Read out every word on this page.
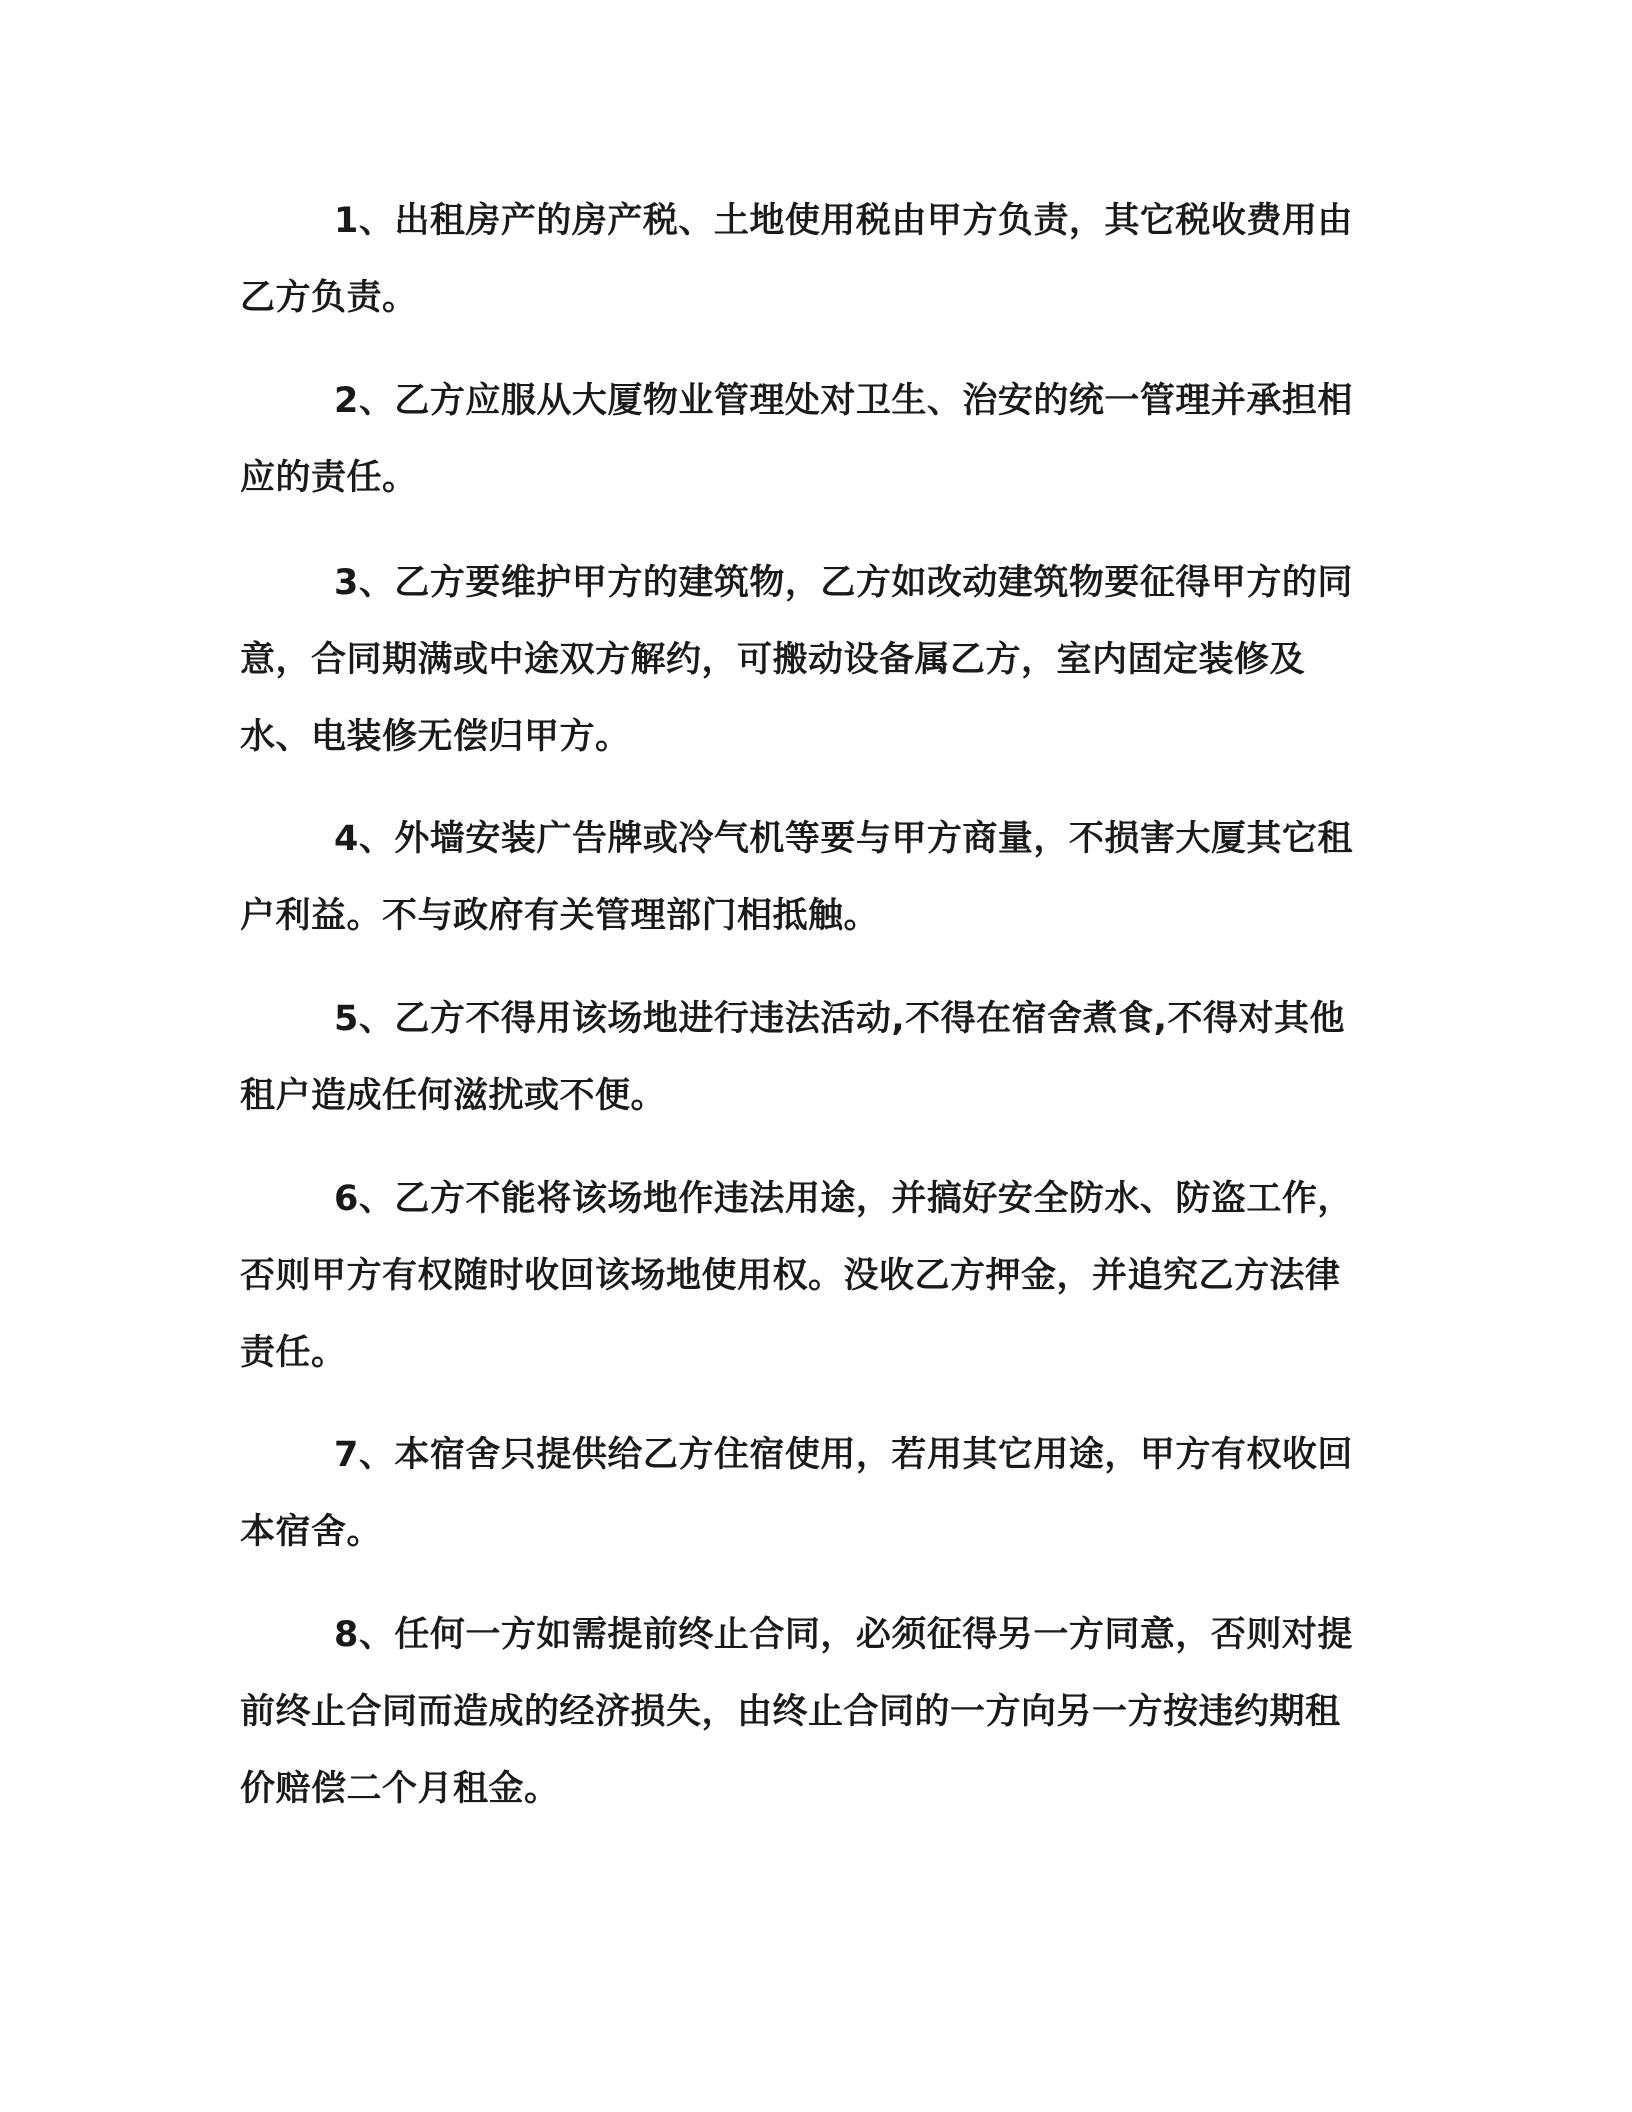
1、出租房产的房产税、土地使用税由甲方负责，其它税收费用由乙方负责。

2、乙方应服从大厦物业管理处对卫生、治安的统一管理并承担相应的责任。

3、乙方要维护甲方的建筑物，乙方如改动建筑物要征得甲方的同意，合同期满或中途双方解约，可搬动设备属乙方，室内固定装修及水、电装修无偿归甲方。

4、外墙安装广告牌或冷气机等要与甲方商量，不损害大厦其它租户利益。不与政府有关管理部门相抵触。

5、乙方不得用该场地进行违法活动,不得在宿舍煮食,不得对其他租户造成任何滋扰或不便。

6、乙方不能将该场地作违法用途，并搞好安全防水、防盗工作，否则甲方有权随时收回该场地使用权。没收乙方押金，并追究乙方法律责任。

7、本宿舍只提供给乙方住宿使用，若用其它用途，甲方有权收回本宿舍。

8、任何一方如需提前终止合同，必须征得另一方同意，否则对提前终止合同而造成的经济损失，由终止合同的一方向另一方按违约期租价赔偿二个月租金。
